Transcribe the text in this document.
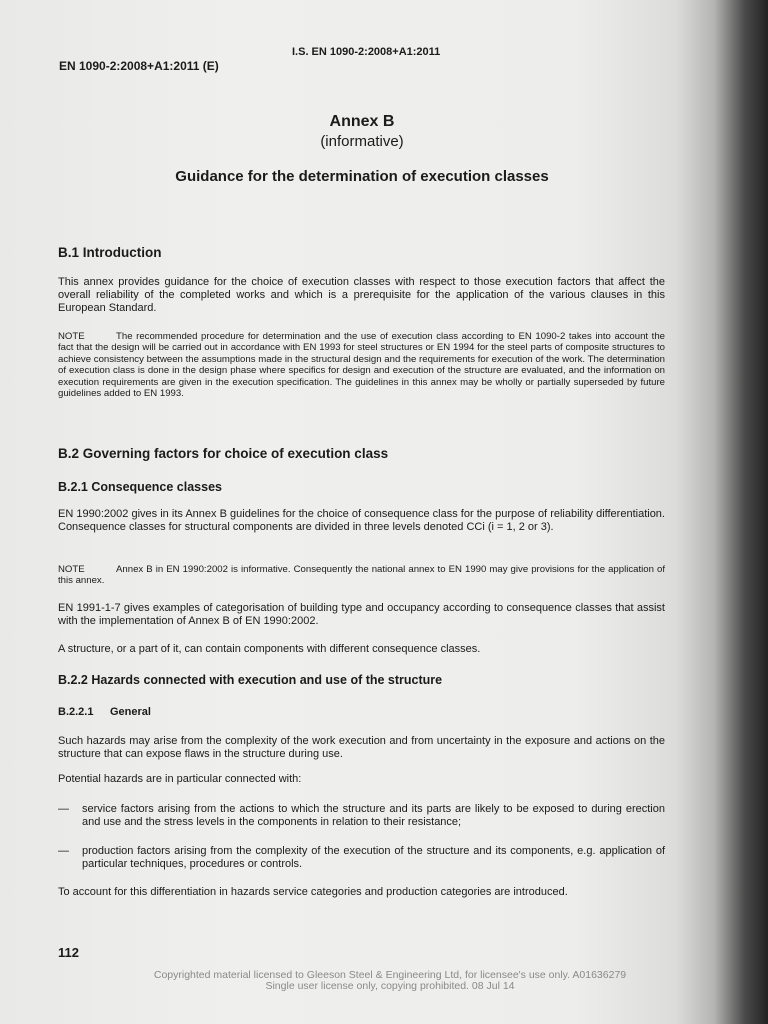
I.S. EN 1090-2:2008+A1:2011
EN 1090-2:2008+A1:2011 (E)
Annex B
(informative)
Guidance for the determination of execution classes
B.1 Introduction
This annex provides guidance for the choice of execution classes with respect to those execution factors that affect the overall reliability of the completed works and which is a prerequisite for the application of the various clauses in this European Standard.
NOTE	The recommended procedure for determination and the use of execution class according to EN 1090-2 takes into account the fact that the design will be carried out in accordance with EN 1993 for steel structures or EN 1994 for the steel parts of composite structures to achieve consistency between the assumptions made in the structural design and the requirements for execution of the work. The determination of execution class is done in the design phase where specifics for design and execution of the structure are evaluated, and the information on execution requirements are given in the execution specification. The guidelines in this annex may be wholly or partially superseded by future guidelines added to EN 1993.
B.2 Governing factors for choice of execution class
B.2.1 Consequence classes
EN 1990:2002 gives in its Annex B guidelines for the choice of consequence class for the purpose of reliability differentiation. Consequence classes for structural components are divided in three levels denoted CCi (i = 1, 2 or 3).
NOTE	Annex B in EN 1990:2002 is informative. Consequently the national annex to EN 1990 may give provisions for the application of this annex.
EN 1991-1-7 gives examples of categorisation of building type and occupancy according to consequence classes that assist with the implementation of Annex B of EN 1990:2002.
A structure, or a part of it, can contain components with different consequence classes.
B.2.2 Hazards connected with execution and use of the structure
B.2.2.1 General
Such hazards may arise from the complexity of the work execution and from uncertainty in the exposure and actions on the structure that can expose flaws in the structure during use.
Potential hazards are in particular connected with:
—	service factors arising from the actions to which the structure and its parts are likely to be exposed to during erection and use and the stress levels in the components in relation to their resistance;
—	production factors arising from the complexity of the execution of the structure and its components, e.g. application of particular techniques, procedures or controls.
To account for this differentiation in hazards service categories and production categories are introduced.
112
Copyrighted material licensed to Gleeson Steel & Engineering Ltd, for licensee's use only. A01636279
Single user license only, copying prohibited. 08 Jul 14
